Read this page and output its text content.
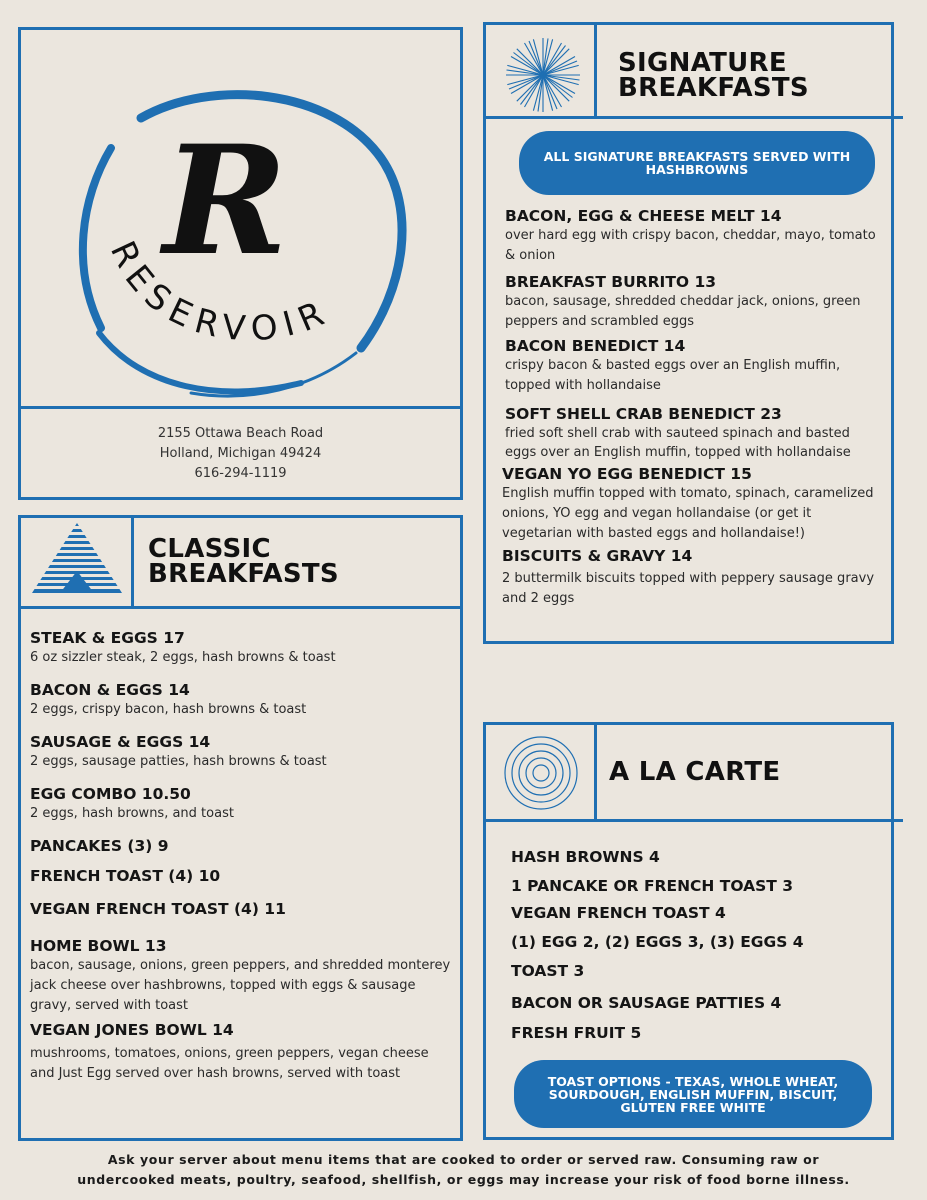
R
RESERVOIR
2155 Ottawa Beach Road
Holland, Michigan 49424
616-294-1119
SIGNATURE
BREAKFASTS
ALL SIGNATURE BREAKFASTS SERVED WITH HASHBROWNS
BACON, EGG & CHEESE MELT 14
over hard egg with crispy bacon, cheddar, mayo, tomato & onion
BREAKFAST BURRITO 13
bacon, sausage, shredded cheddar jack, onions, green peppers and scrambled eggs
BACON BENEDICT 14
crispy bacon & basted eggs over an English muffin, topped with hollandaise
SOFT SHELL CRAB BENEDICT 23
fried soft shell crab with sauteed spinach and basted eggs over an English muffin, topped with hollandaise
VEGAN YO EGG BENEDICT 15
English muffin topped with tomato, spinach, caramelized onions, YO egg and vegan hollandaise (or get it vegetarian with basted eggs and hollandaise!)
BISCUITS & GRAVY 14
2 buttermilk biscuits topped with peppery sausage gravy and 2 eggs
CLASSIC
BREAKFASTS
STEAK & EGGS 17
6 oz sizzler steak, 2 eggs, hash browns & toast
BACON & EGGS 14
2 eggs, crispy bacon, hash browns & toast
SAUSAGE & EGGS 14
2 eggs, sausage patties, hash browns & toast
EGG COMBO 10.50
2 eggs, hash browns, and toast
PANCAKES (3) 9
FRENCH TOAST (4) 10
VEGAN FRENCH TOAST (4) 11
HOME BOWL 13
bacon, sausage, onions, green peppers, and shredded monterey jack cheese over hashbrowns, topped with eggs & sausage gravy, served with toast
VEGAN JONES BOWL 14
mushrooms, tomatoes, onions, green peppers, vegan cheese and Just Egg served over hash browns, served with toast
A LA CARTE
HASH BROWNS 4
1 PANCAKE OR FRENCH TOAST 3
VEGAN FRENCH TOAST 4
(1) EGG 2, (2) EGGS 3, (3) EGGS 4
TOAST 3
BACON OR SAUSAGE PATTIES 4
FRESH FRUIT 5
TOAST OPTIONS - TEXAS, WHOLE WHEAT, SOURDOUGH, ENGLISH MUFFIN, BISCUIT, GLUTEN FREE WHITE
Ask your server about menu items that are cooked to order or served raw. Consuming raw or
undercooked meats, poultry, seafood, shellfish, or eggs may increase your risk of food borne illness.
